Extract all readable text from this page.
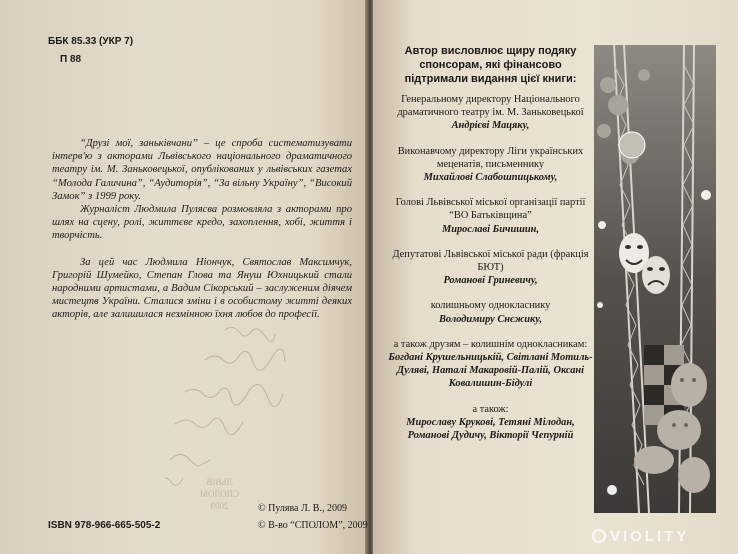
ББК 85.33 (УКР 7)
П 88

“Друзі мої, заньківчани” – це спроба систематизувати інтерв'ю з акторами Львівського національного драматичного театру ім. М. Заньковецької, опублікованих у львівських газетах “Молода Галичина”, “Аудиторія”, “За вільну Україну”, “Високий Замок” з 1999 року.

Журналіст Людмила Пулясва розмовляла з акторами про шлях на сцену, ролі, життєве кредо, захоплення, хобі, життя і творчість.

За цей час Людмила Ніончук, Святослав Максимчук, Григорій Шумейко, Степан Глова та Януш Юхницький стали народними артистами, а Вадим Сікорський – заслуженим діячем мистецтв України. Сталися зміни і в особистому житті деяких акторів, але залишилася незмінною їхня любов до професії.

ЛЬВІВ
СПОЛОМ
2009
ISBN 978-966-665-505-2
© Пулява Л. В., 2009
© В-во “СПОЛОМ”, 2009
Автор висловлює щиру подяку спонсорам, які фінансово підтримали видання цієї книги:
Генеральному директору Національного драматичного театру ім. М. Заньковецької
Андрієві Мацяку,
Виконавчому директору Ліги українських меценатів, письменнику
Михайлові Слабошпицькому,
Голові Львівської міської організації партії “ВО Батьківщина”
Мирославі Бичишин,
Депутатові Львівської міської ради (фракція БЮТ)
Романові Гриневичу,
колишньому однокласнику
Володимиру Снєжику,
а також друзям – колишнім однокласникам:
Богдані Крушельницькій, Світлані Мотиль-Дуляві, Наталі Макаровій-Палій, Оксані Ковалишин-Бідулі
а також:
Мирославу Крукові, Тетяні Мілодан, Романові Дудичу, Вікторії Чепурній
VIOLITY
